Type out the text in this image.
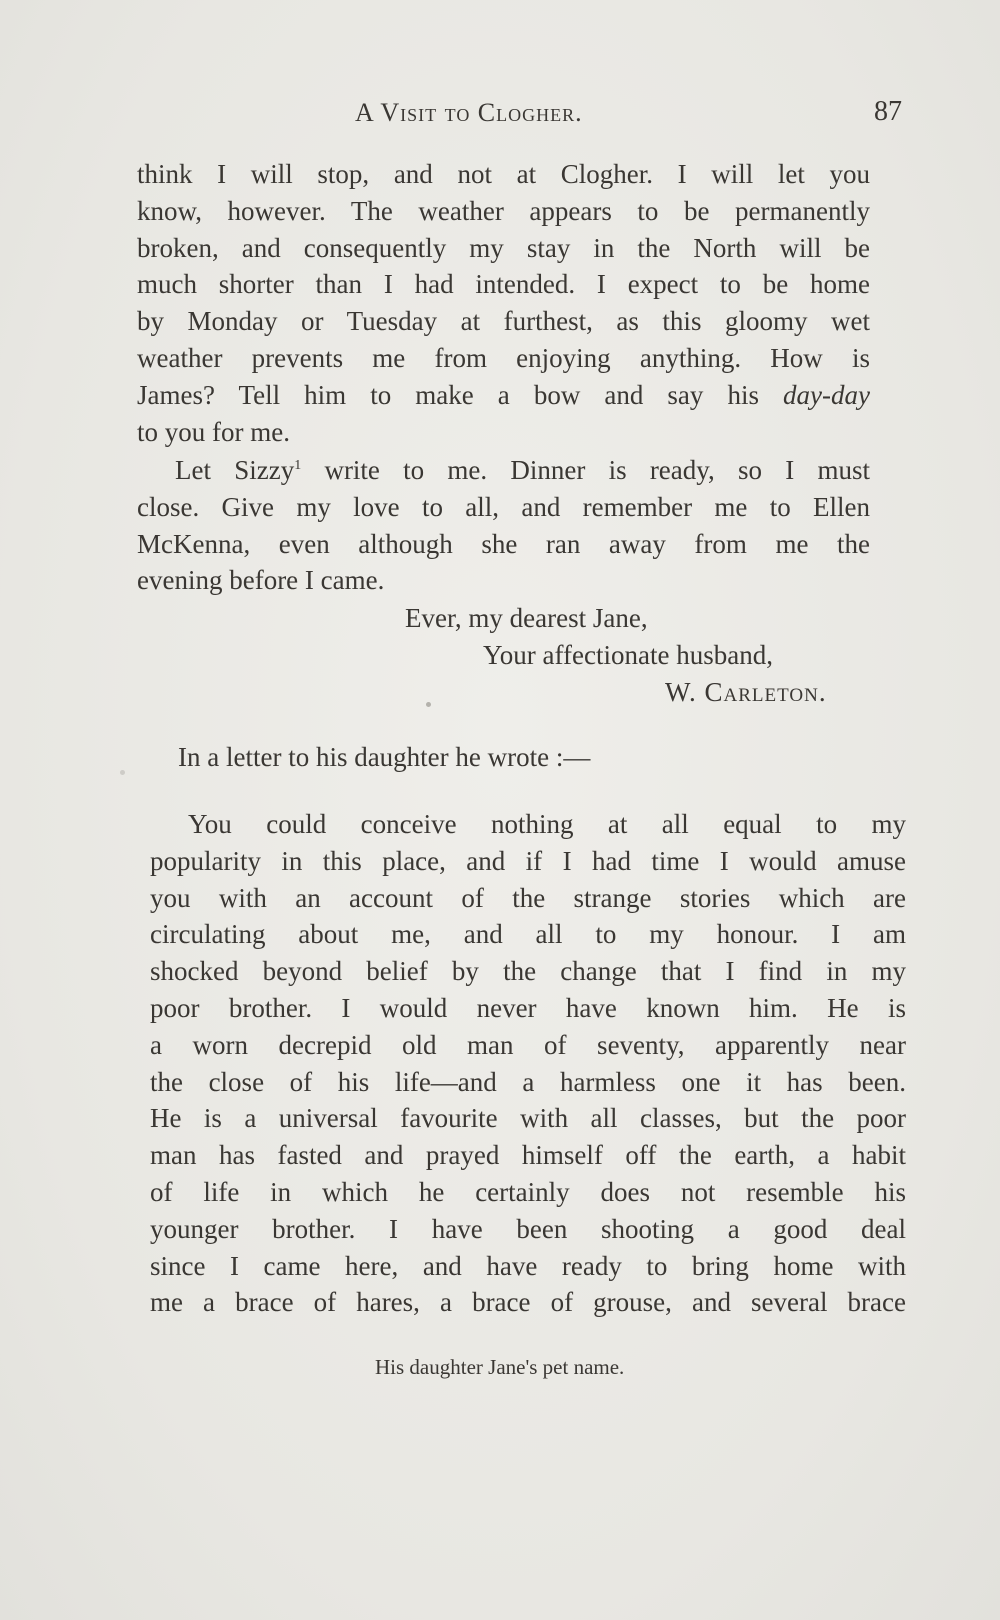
A Visit to Clogher.	87

think I will stop, and not at Clogher. I will let you

know, however. The weather appears to be permanently

broken, and consequently my stay in the North will be

much shorter than I had intended. I expect to be home

by Monday or Tuesday at furthest, as this gloomy wet

weather prevents me from enjoying anything. How is

James? Tell him to make a bow and say his day-day

to you for me.

Let Sizzy$^1$ write to me. Dinner is ready, so I must

close. Give my love to all, and remember me to Ellen

McKenna, even although she ran away from me the

evening before I came.

Ever, my dearest Jane,
Your affectionate husband,
W. Carleton.
In a letter to his daughter he wrote :—

You could conceive nothing at all equal to my

popularity in this place, and if I had time I would amuse

you with an account of the strange stories which are

circulating about me, and all to my honour. I am

shocked beyond belief by the change that I find in my

poor brother. I would never have known him. He is

a worn decrepid old man of seventy, apparently near

the close of his life—and a harmless one it has been.

He is a universal favourite with all classes, but the poor

man has fasted and prayed himself off the earth, a habit

of life in which he certainly does not resemble his

younger brother. I have been shooting a good deal

since I came here, and have ready to bring home with

me a brace of hares, a brace of grouse, and several brace

His daughter Jane's pet name.
